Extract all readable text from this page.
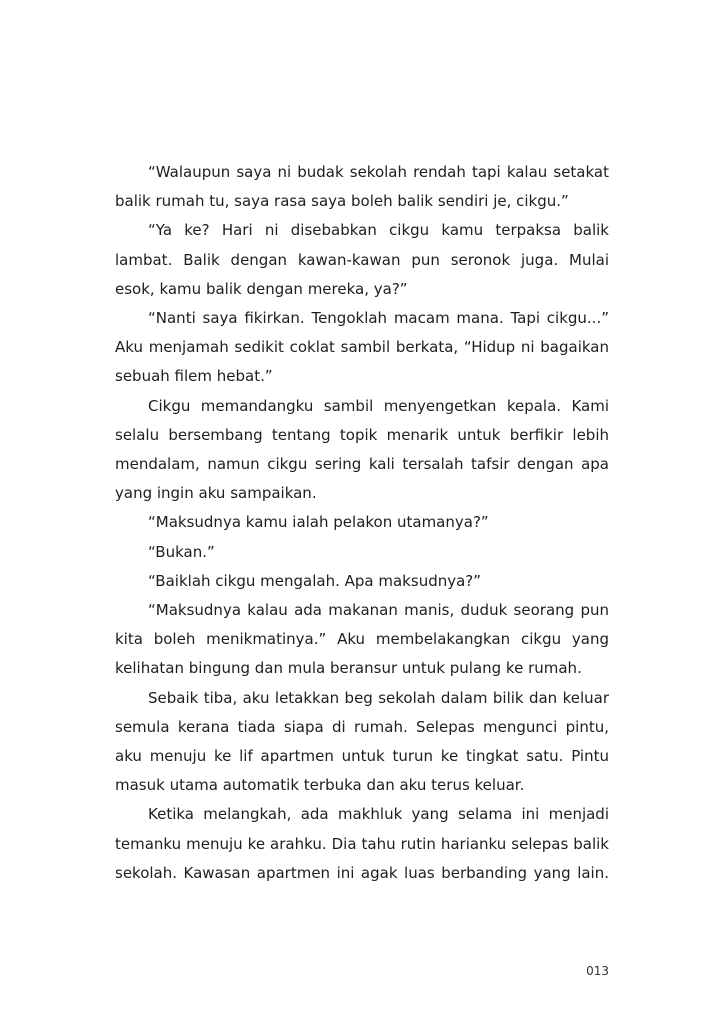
“Walaupun saya ni budak sekolah rendah tapi kalau setakat balik rumah tu, saya rasa saya boleh balik sendiri je, cikgu.”

“Ya ke? Hari ni disebabkan cikgu kamu terpaksa balik lambat. Balik dengan kawan-kawan pun seronok juga. Mulai esok, kamu balik dengan mereka, ya?”

“Nanti saya fikirkan. Tengoklah macam mana. Tapi cikgu...” Aku menjamah sedikit coklat sambil berkata, “Hidup ni bagaikan sebuah filem hebat.”

Cikgu memandangku sambil menyengetkan kepala. Kami selalu bersembang tentang topik menarik untuk berfikir lebih mendalam, namun cikgu sering kali tersalah tafsir dengan apa yang ingin aku sampaikan.

“Maksudnya kamu ialah pelakon utamanya?”

“Bukan.”

“Baiklah cikgu mengalah. Apa maksudnya?”

“Maksudnya kalau ada makanan manis, duduk seorang pun kita boleh menikmatinya.” Aku membelakangkan cikgu yang kelihatan bingung dan mula beransur untuk pulang ke rumah.

Sebaik tiba, aku letakkan beg sekolah dalam bilik dan keluar semula kerana tiada siapa di rumah. Selepas mengunci pintu, aku menuju ke lif apartmen untuk turun ke tingkat satu. Pintu masuk utama automatik terbuka dan aku terus keluar.

Ketika melangkah, ada makhluk yang selama ini menjadi temanku menuju ke arahku. Dia tahu rutin harianku selepas balik sekolah. Kawasan apartmen ini agak luas berbanding yang lain.

013
